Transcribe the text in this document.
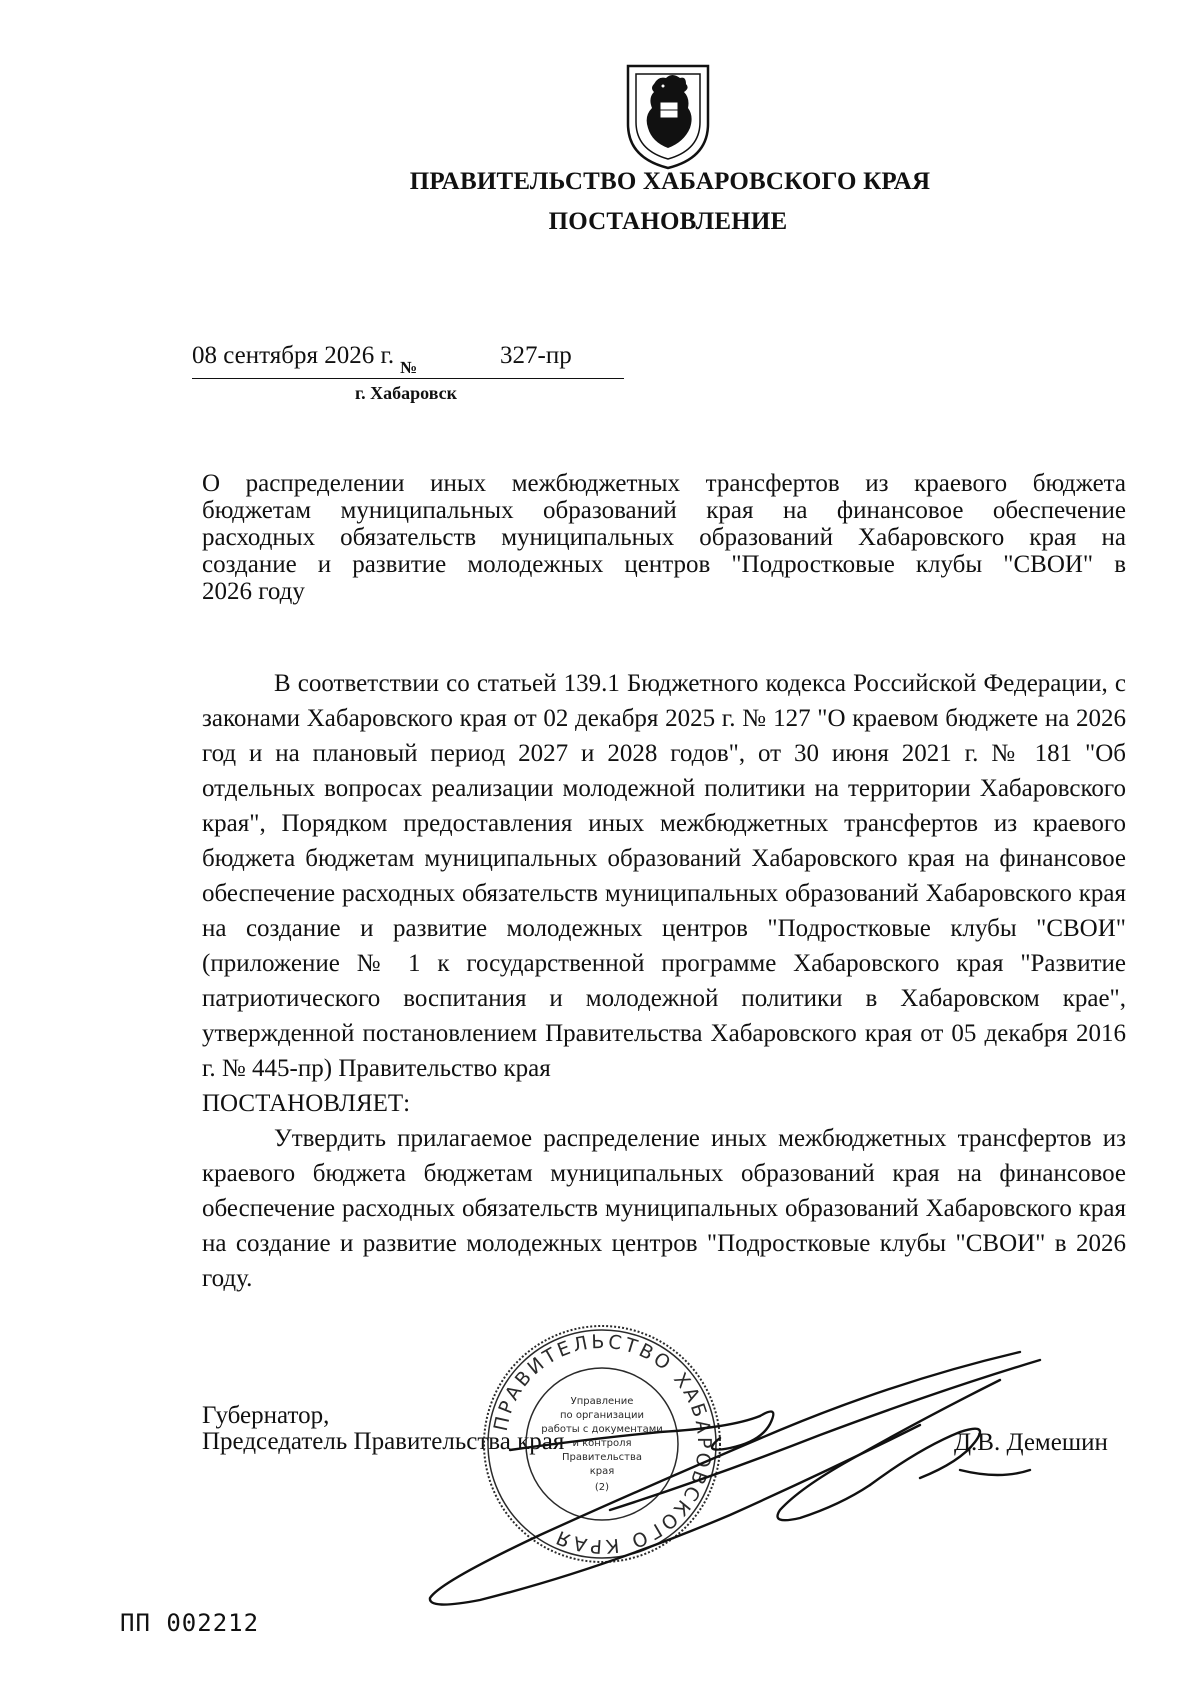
ПРАВИТЕЛЬСТВО ХАБАРОВСКОГО КРАЯ
ПОСТАНОВЛЕНИЕ
08 сентября 2026 г. №	327-пр
г. Хабаровск
О распределении иных межбюджетных трансфертов из краевого бюджета
бюджетам муниципальных образований края на финансовое обеспечение
расходных обязательств муниципальных образований Хабаровского края на
создание и развитие молодежных центров "Подростковые клубы "СВОИ" в
2026 году
В соответствии со статьей 139.1 Бюджетного кодекса Российской Федерации, с законами Хабаровского края от 02 декабря 2025 г. № 127 "О краевом бюджете на 2026 год и на плановый период 2027 и 2028 годов", от 30 июня 2021 г. № 181 "Об отдельных вопросах реализации молодежной политики на территории Хабаровского края", Порядком предоставления иных межбюджетных трансфертов из краевого бюджета бюджетам муниципальных образований Хабаровского края на финансовое обеспечение расходных обязательств муниципальных образований Хабаровского края на создание и развитие молодежных центров "Подростковые клубы "СВОИ" (приложение № 1 к государственной программе Хабаровского края "Развитие патриотического воспитания и молодежной политики в Хабаровском крае", утвержденной постановлением Правительства Хабаровского края от 05 декабря 2016 г. № 445-пр) Правительство края
ПОСТАНОВЛЯЕТ:
Утвердить прилагаемое распределение иных межбюджетных трансфертов из краевого бюджета бюджетам муниципальных образований края на финансовое обеспечение расходных обязательств муниципальных образований Хабаровского края на создание и развитие молодежных центров "Подростковые клубы "СВОИ" в 2026 году.
Губернатор,
Председатель Правительства края	Д.В. Демешин
ПРАВИТЕЛЬСТВО ХАБАРОВСКОГО КРАЯ
Управление
по организации
работы с документами
и контроля
Правительства
края
(2)
ПП 002212
